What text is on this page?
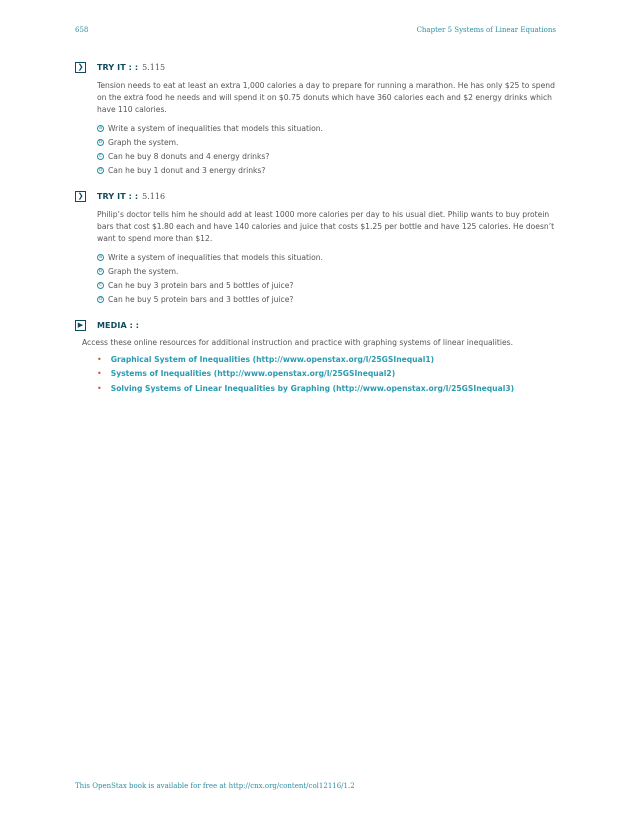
658	Chapter 5 Systems of Linear Equations
❯	TRY IT : : 5.115
Tension needs to eat at least an extra 1,000 calories a day to prepare for running a marathon. He has only $25 to spend on the extra food he needs and will spend it on $0.75 donuts which have 360 calories each and $2 energy drinks which have 110 calories.
a Write a system of inequalities that models this situation.
b Graph the system.
c Can he buy 8 donuts and 4 energy drinks?
d Can he buy 1 donut and 3 energy drinks?
❯	TRY IT : : 5.116
Philip’s doctor tells him he should add at least 1000 more calories per day to his usual diet. Philip wants to buy protein bars that cost $1.80 each and have 140 calories and juice that costs $1.25 per bottle and have 125 calories. He doesn’t want to spend more than $12.
a Write a system of inequalities that models this situation.
b Graph the system.
c Can he buy 3 protein bars and 5 bottles of juice?
d Can he buy 5 protein bars and 3 bottles of juice?
▶	MEDIA : :
Access these online resources for additional instruction and practice with graphing systems of linear inequalities.
• Graphical System of Inequalities (http://www.openstax.org/l/25GSInequal1)
• Systems of Inequalities (http://www.openstax.org/l/25GSInequal2)
• Solving Systems of Linear Inequalities by Graphing (http://www.openstax.org/l/25GSInequal3)
This OpenStax book is available for free at http://cnx.org/content/col12116/1.2
